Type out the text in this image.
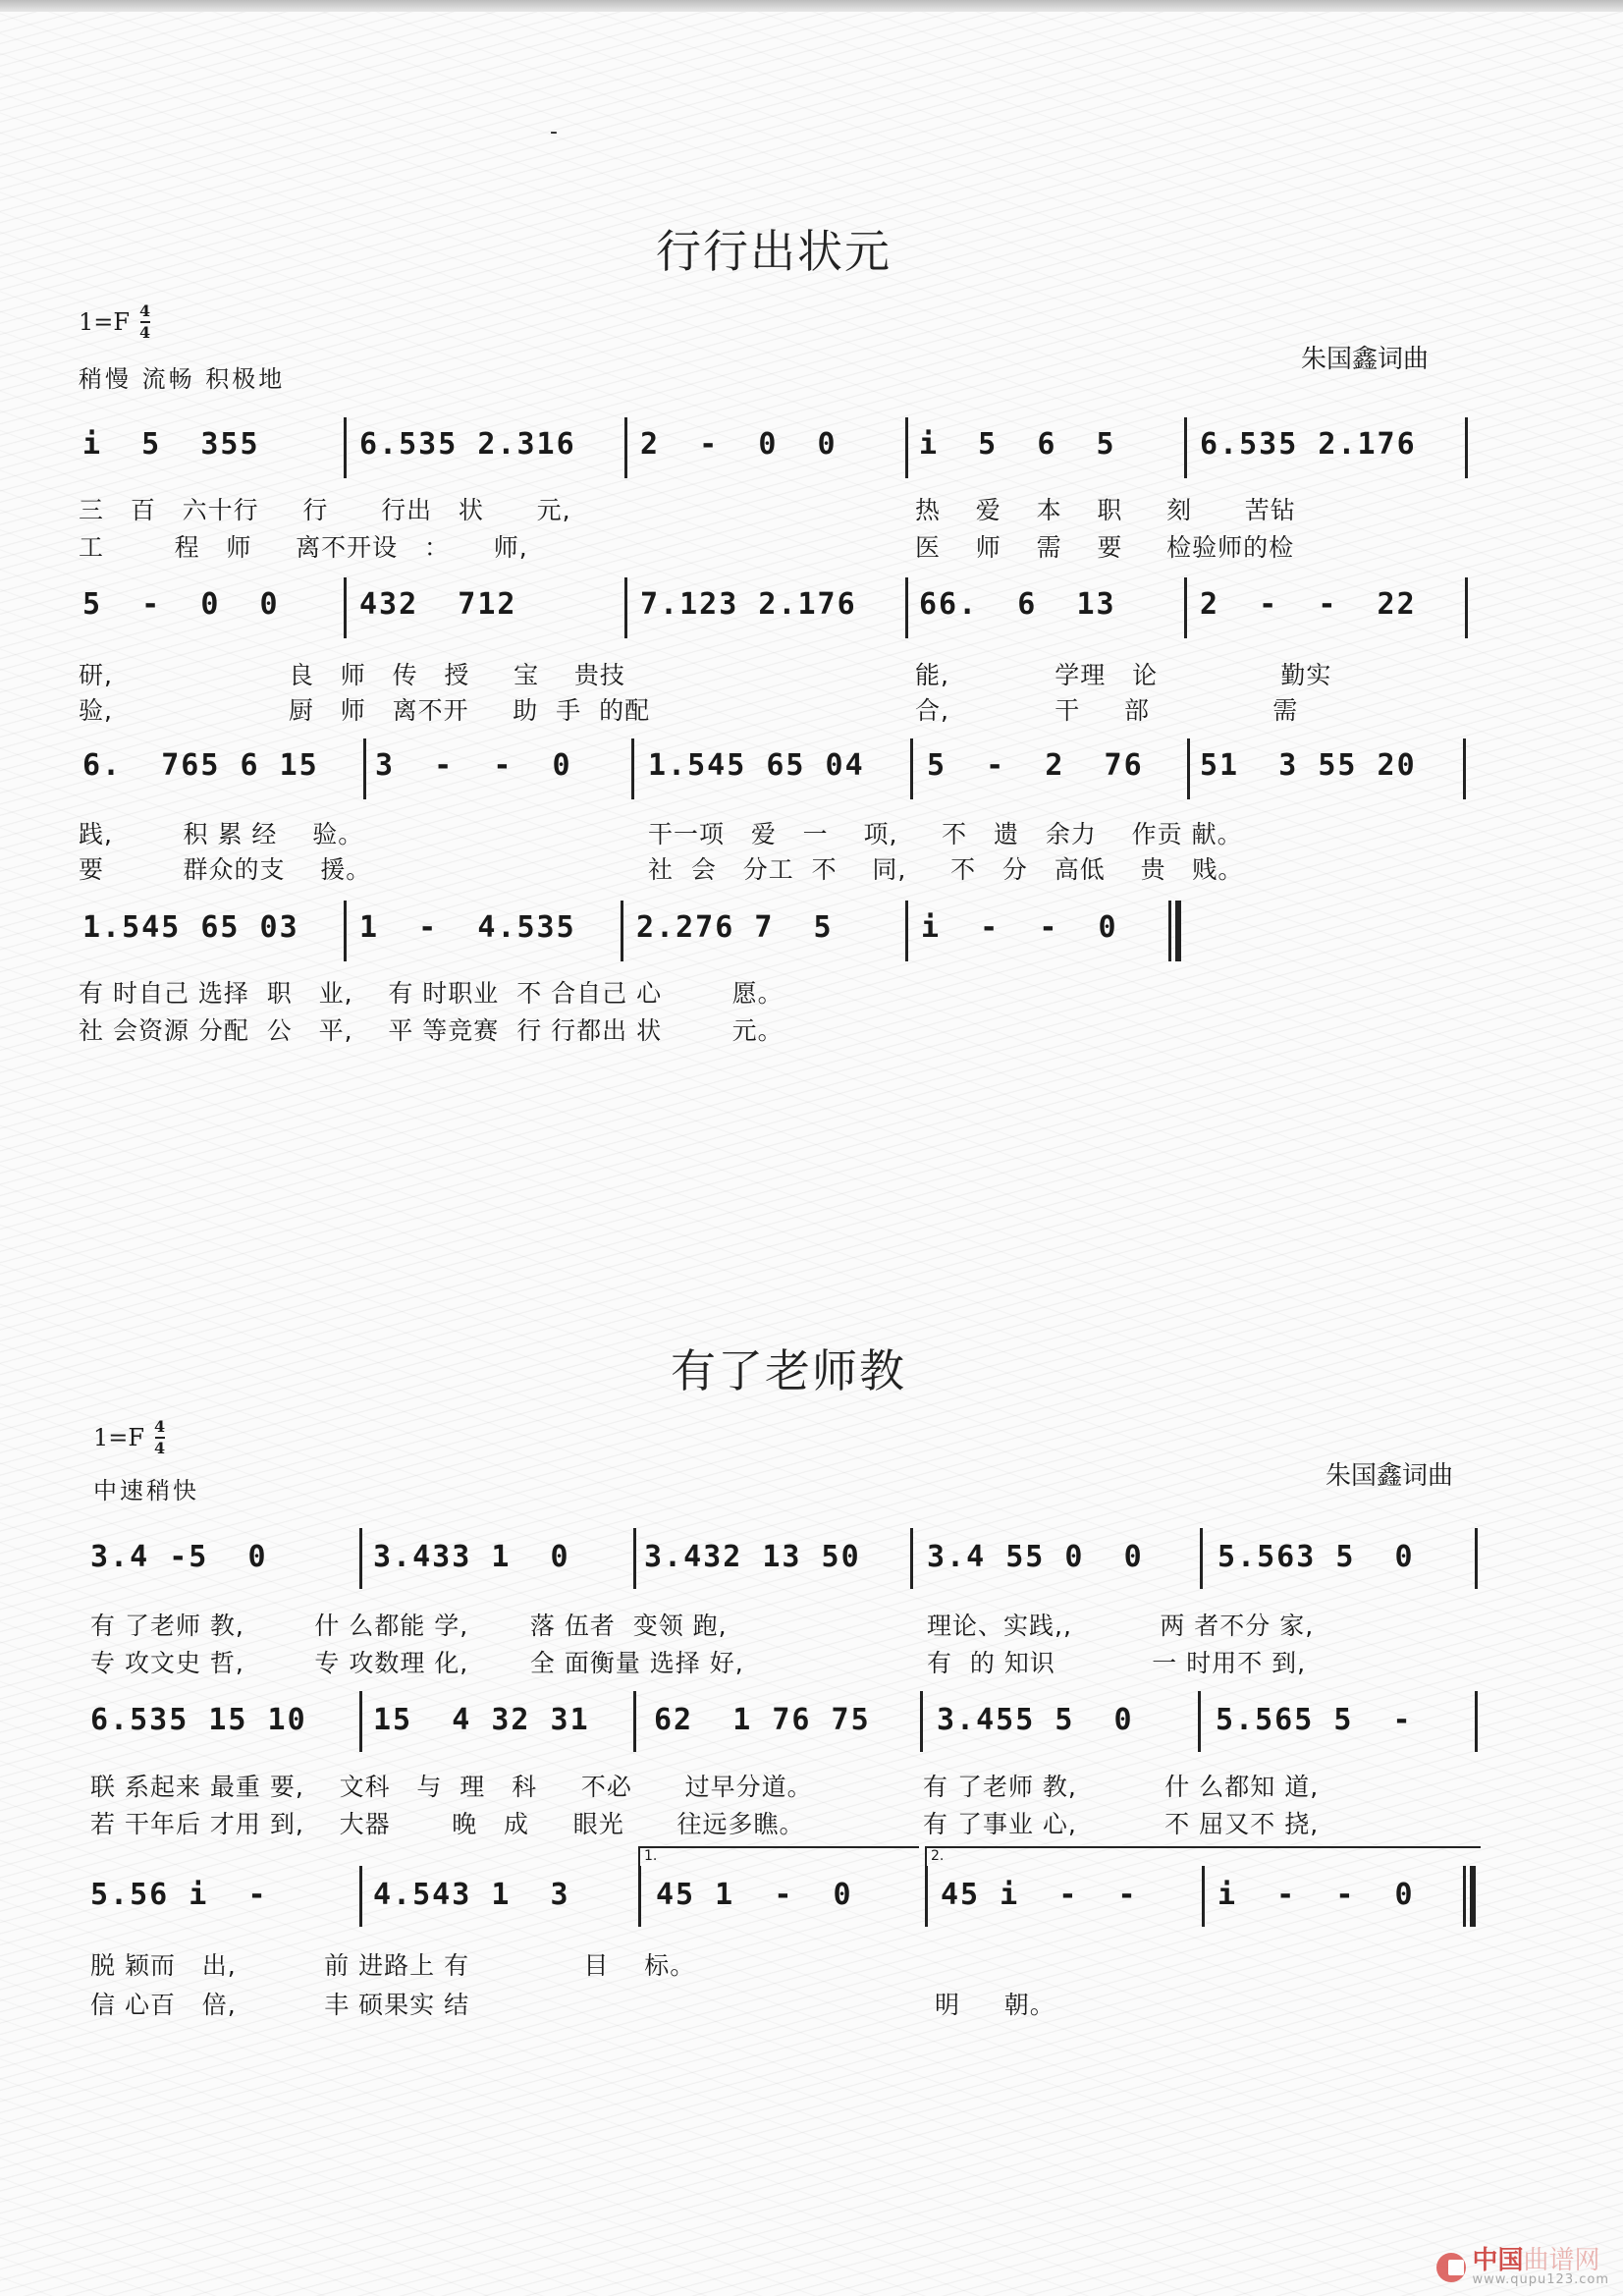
-
行行出状元
$1=F \frac{4}{4}$
稍慢 流畅 积极地
朱国鑫词曲
i  5  355	6.535 2.316 2  -  0  0	i  5  6  5	6.535 2.176
三   百   六十行     行      行出   状      元,
工        程   师     离不开设   ：     师,
热    爱    本    职     刻      苦钻
医    师    需    要     检验师的检
5  -  0  0	432  712	7.123 2.176 66.  6  13	2  -  -  22
研,                    良   师   传   授     宝    贵技
验,                    厨   师   离不开     助  手  的配
能,            学理   论              勤实
合,            干     部              需
6.  765 6 15 3  -  -  0	1.545 65 04 5  -  2  76 51  3 55 20
践,        积 累 经    验。
要         群众的支    援。
干一项   爱   一    项,     不   遗   余力    作贡 献。
社  会   分工  不    同,     不   分   高低    贵   贱。
1.545 65 03 1  -  4.535 2.276 7  5	i  -  -  0
有 时自己 选择  职   业,    有 时职业  不 合自己 心        愿。
社 会资源 分配  公   平,    平 等竞赛  行 行都出 状        元。
有了老师教
$1=F \frac{4}{4}$
中速稍快	朱国鑫词曲
3.4 -5  0	3.433 1  0	3.432 13 50 3.4 55 0  0	5.563 5  0
有 了老师 教,        什 么都能 学,       落 伍者  变领 跑,
专 攻文史 哲,        专 攻数理 化,       全 面衡量 选择 好,
理论、实践,,          两 者不分 家,
有  的 知识           一 时用不 到,
6.535 15 10 15  4 32 31 62  1 76 75 3.455 5  0	5.565 5  -
联 系起来 最重 要,    文科   与  理   科     不必      过早分道。
若 干年后 才用 到,    大器       晚   成     眼光      往远多瞧。
有 了老师 教,          什 么都知 道,
有 了事业 心,          不 屈又不 挠,
1.	2.
5.56 i  -	4.543 1  3	45 1  -  0	45 i  -  -	i  -  -  0
脱 颖而   出,          前 进路上 有             目    标。
信 心百   倍,          丰 硕果实 结	明     朝。
中国曲谱网
www.qupu123.com
